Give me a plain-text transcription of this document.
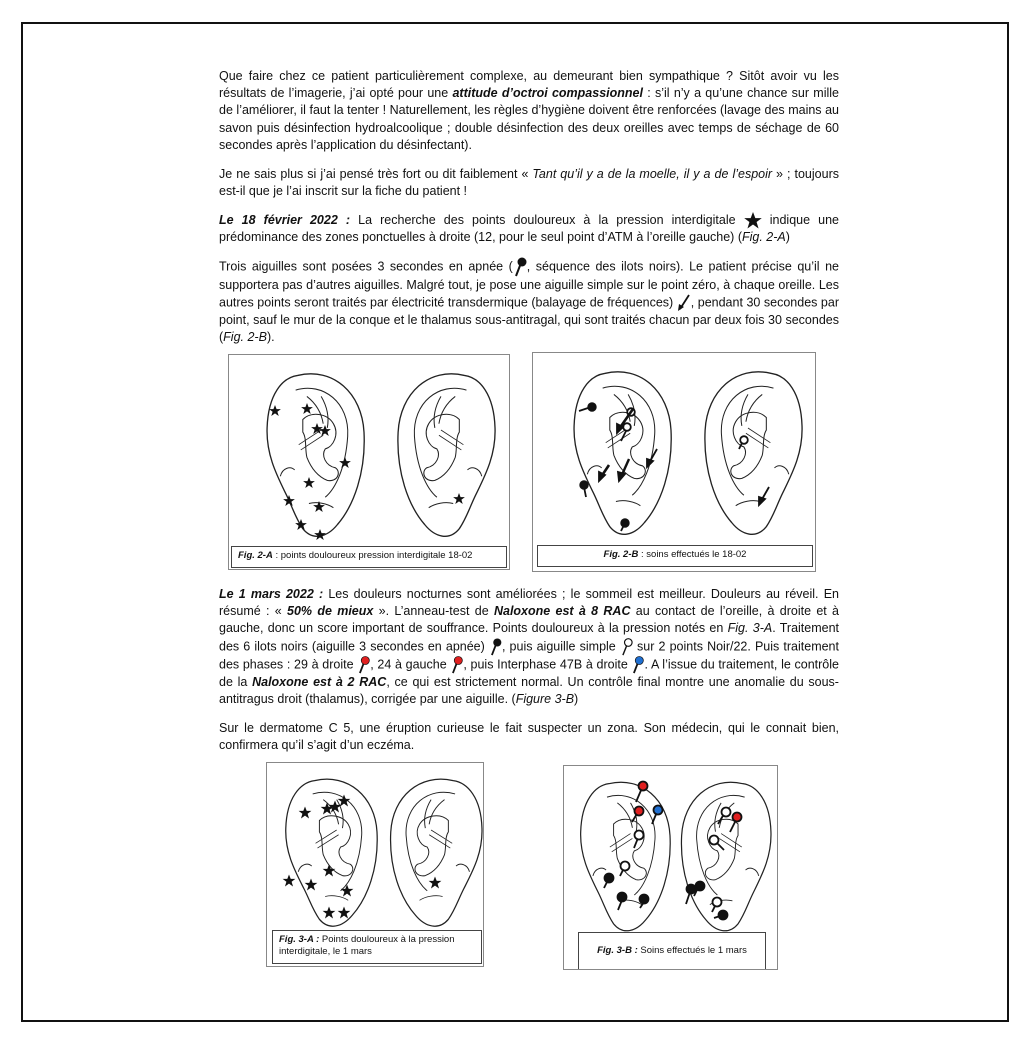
Que faire chez ce patient particulièrement complexe, au demeurant bien sympathique ? Sitôt avoir vu les résultats de l’imagerie, j’ai opté pour une attitude d’octroi compassionnel : s’il n’y a qu’une chance sur mille de l’améliorer, il faut la tenter ! Naturellement, les règles d’hygiène doivent être renforcées (lavage des mains au savon puis désinfection hydroalcoolique ; double désinfection des deux oreilles avec temps de séchage de 60 secondes après l’application du désinfectant).

Je ne sais plus si j’ai pensé très fort ou dit faiblement « Tant qu’il y a de la moelle, il y a de l’espoir » ; toujours est-il que je l’ai inscrit sur la fiche du patient !

Le 18 février 2022 : La recherche des points douloureux à la pression interdigitale  indique une prédominance des zones ponctuelles à droite (12, pour le seul point d’ATM à l’oreille gauche) (Fig. 2-A)

Trois aiguilles sont posées 3 secondes en apnée ( , séquence des ilots noirs). Le patient précise qu’il ne supportera pas d’autres aiguilles. Malgré tout, je pose une aiguille simple sur le point zéro, à chaque oreille. Les autres points seront traités par électricité transdermique (balayage de fréquences) , pendant 30 secondes par point, sauf le mur de la conque et le thalamus sous-antitragal, qui sont traités chacun par deux fois 30 secondes (Fig. 2-B).

Fig. 2-A : points douloureux pression interdigitale 18-02	Fig. 2-B : soins effectués le 18-02

Le 1 mars 2022 : Les douleurs nocturnes sont améliorées ; le sommeil est meilleur. Douleurs au réveil. En résumé : « 50% de mieux ». L’anneau-test de Naloxone est à 8 RAC au contact de l’oreille, à droite et à gauche, donc un score important de souffrance. Points douloureux à la pression notés en Fig. 3-A. Traitement des 6 ilots noirs (aiguille 3 secondes en apnée) , puis aiguille simple  sur 2 points Noir/22. Puis traitement des phases : 29 à droite , 24 à gauche , puis Interphase 47B à droite . A l’issue du traitement, le contrôle de la Naloxone est à 2 RAC, ce qui est strictement normal. Un contrôle final montre une anomalie du sous-antitragus droit (thalamus), corrigée par une aiguille. (Figure 3-B)

Sur le dermatome C 5, une éruption curieuse le fait suspecter un zona. Son médecin, qui le connait bien, confirmera qu’il s’agit d’un eczéma.

Fig. 3-A : Points douloureux à la pression interdigitale, le 1 mars	Fig. 3-B : Soins effectués le 1 mars
